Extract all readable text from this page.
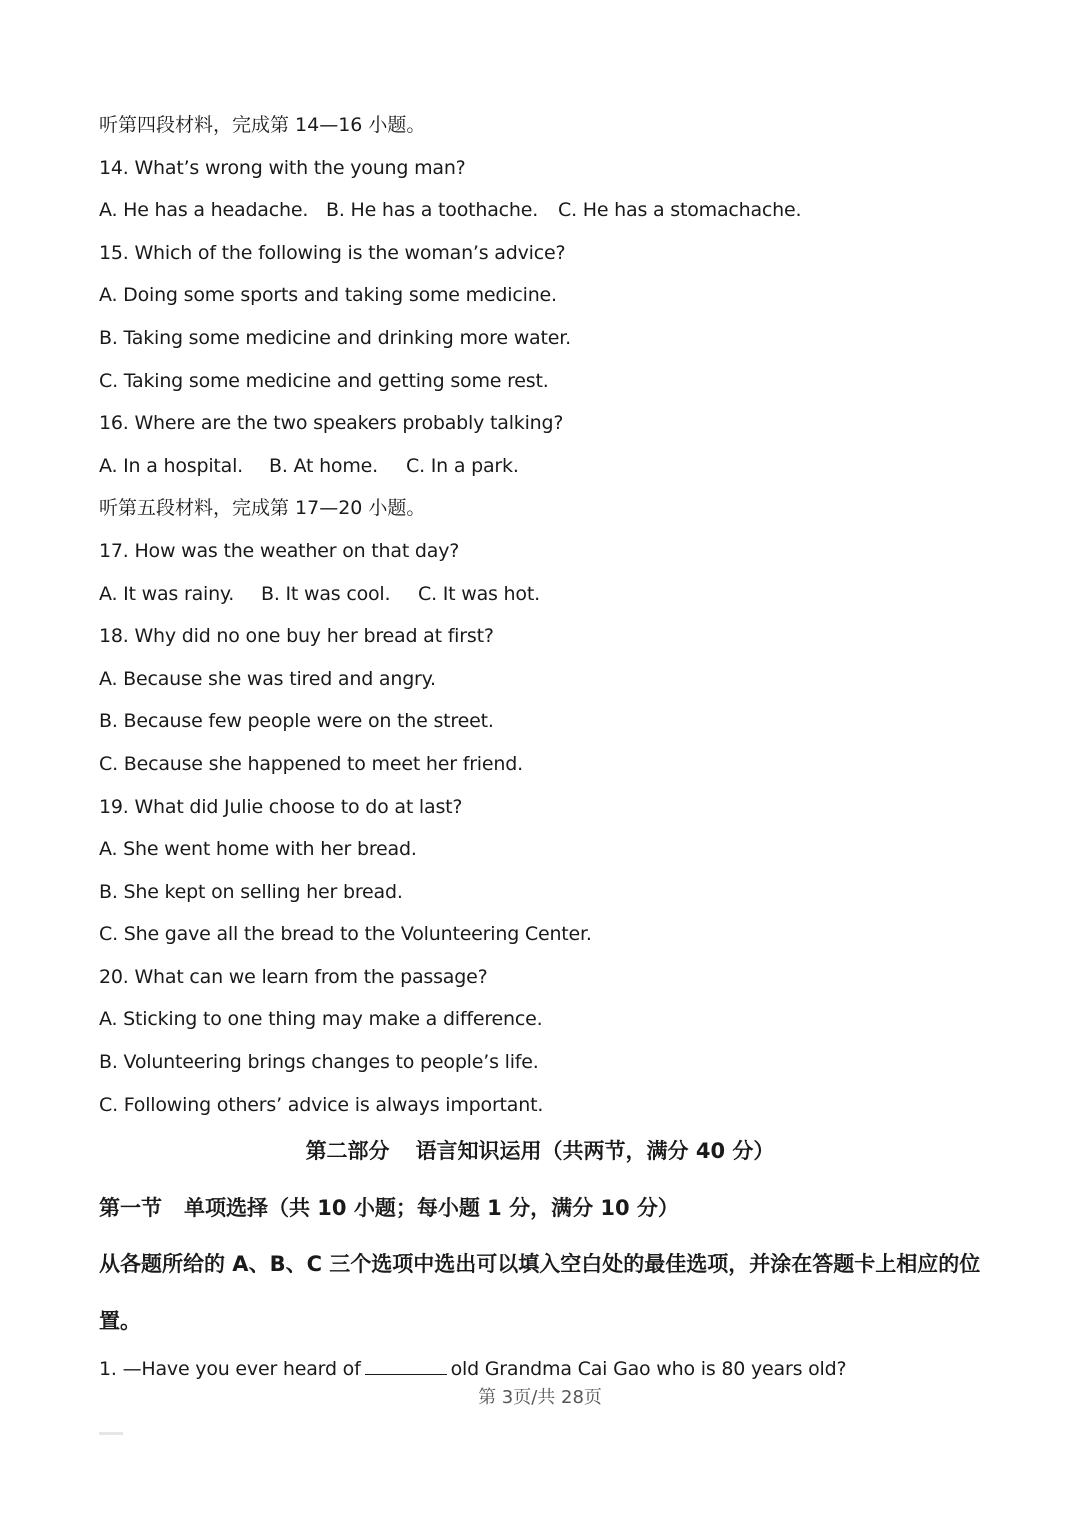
听第四段材料，完成第 14—16 小题。
14. What’s wrong with the young man?
A. He has a headache. B. He has a toothache.	C. He has a stomachache.
15. Which of the following is the woman’s advice?
A. Doing some sports and taking some medicine.
B. Taking some medicine and drinking more water.
C. Taking some medicine and getting some rest.
16. Where are the two speakers probably talking?
A. In a hospital.	B. At home.	C. In a park.
听第五段材料，完成第 17—20 小题。
17. How was the weather on that day?
A. It was rainy.	B. It was cool.	C. It was hot.
18. Why did no one buy her bread at first?
A. Because she was tired and angry.
B. Because few people were on the street.
C. Because she happened to meet her friend.
19. What did Julie choose to do at last?
A. She went home with her bread.
B. She kept on selling her bread.
C. She gave all the bread to the Volunteering Center.
20. What can we learn from the passage?
A. Sticking to one thing may make a difference.
B. Volunteering brings changes to people’s life.
C. Following others’ advice is always important.
第二部分 语言知识运用（共两节，满分 40 分）
第一节 单项选择（共 10 小题；每小题 1 分，满分 10 分）
从各题所给的 A、B、C 三个选项中选出可以填入空白处的最佳选项，并涂在答题卡上相应的位置。
1. —Have you ever heard of	old Grandma Cai Gao who is 80 years old?
第 3页/共 28页
